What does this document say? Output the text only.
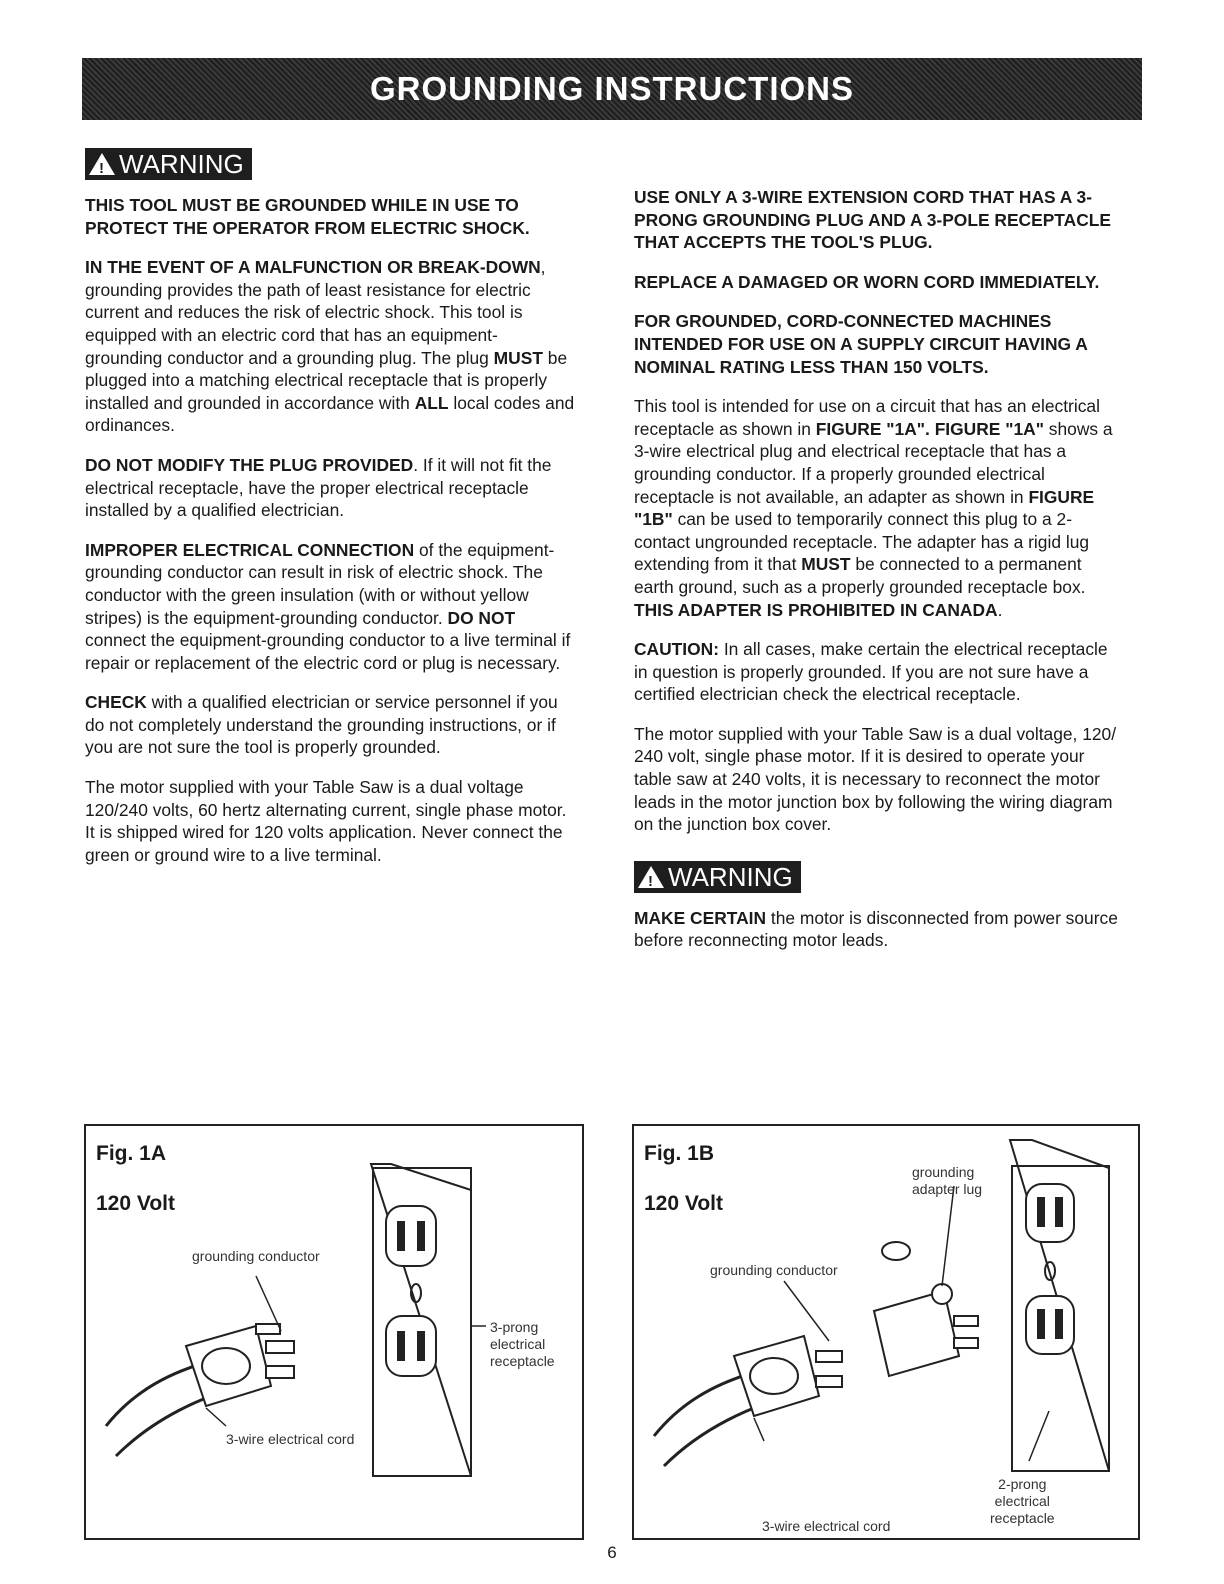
GROUNDING INSTRUCTIONS
! WARNING

THIS TOOL MUST BE GROUNDED WHILE IN USE TO PROTECT THE OPERATOR FROM ELECTRIC SHOCK.

IN THE EVENT OF A MALFUNCTION OR BREAK-DOWN, grounding provides the path of least resistance for electric current and reduces the risk of electric shock. This tool is equipped with an electric cord that has an equipment-grounding conductor and a grounding plug. The plug MUST be plugged into a matching electrical receptacle that is properly installed and grounded in accordance with ALL local codes and ordinances.

DO NOT MODIFY THE PLUG PROVIDED. If it will not fit the electrical receptacle, have the proper electrical receptacle installed by a qualified electrician.

IMPROPER ELECTRICAL CONNECTION of the equipment-grounding conductor can result in risk of electric shock. The conductor with the green insulation (with or without yellow stripes) is the equipment-grounding conductor. DO NOT connect the equipment-grounding conductor to a live terminal if repair or replacement of the electric cord or plug is necessary.

CHECK with a qualified electrician or service personnel if you do not completely understand the grounding instructions, or if you are not sure the tool is properly grounded.

The motor supplied with your Table Saw is a dual voltage 120/240 volts, 60 hertz alternating current, single phase motor. It is shipped wired for 120 volts application. Never connect the green or ground wire to a live terminal.

USE ONLY A 3-WIRE EXTENSION CORD THAT HAS A 3-PRONG GROUNDING PLUG AND A 3-POLE RECEPTACLE THAT ACCEPTS THE TOOL'S PLUG.

REPLACE A DAMAGED OR WORN CORD IMMEDIATELY.

FOR GROUNDED, CORD-CONNECTED MACHINES INTENDED FOR USE ON A SUPPLY CIRCUIT HAVING A NOMINAL RATING LESS THAN 150 VOLTS.

This tool is intended for use on a circuit that has an electrical receptacle as shown in FIGURE "1A". FIGURE "1A" shows a 3-wire electrical plug and electrical receptacle that has a grounding conductor. If a properly grounded electrical receptacle is not available, an adapter as shown in FIGURE "1B" can be used to temporarily connect this plug to a 2-contact ungrounded receptacle. The adapter has a rigid lug extending from it that MUST be connected to a permanent earth ground, such as a properly grounded receptacle box. THIS ADAPTER IS PROHIBITED IN CANADA.

CAUTION: In all cases, make certain the electrical receptacle in question is properly grounded. If you are not sure have a certified electrician check the electrical receptacle.

The motor supplied with your Table Saw is a dual voltage, 120/ 240 volt, single phase motor. If it is desired to operate your table saw at 240 volts, it is necessary to reconnect the motor leads in the motor junction box by following the wiring diagram on the junction box cover.

! WARNING

MAKE CERTAIN the motor is disconnected from power source before reconnecting motor leads.

Fig. 1A
120 Volt
grounding conductor
3-prong
electrical
receptacle
3-wire electrical cord
Fig. 1B
120 Volt
grounding
adapter lug
grounding conductor
2-prong
electrical
receptacle
3-wire electrical cord
6
